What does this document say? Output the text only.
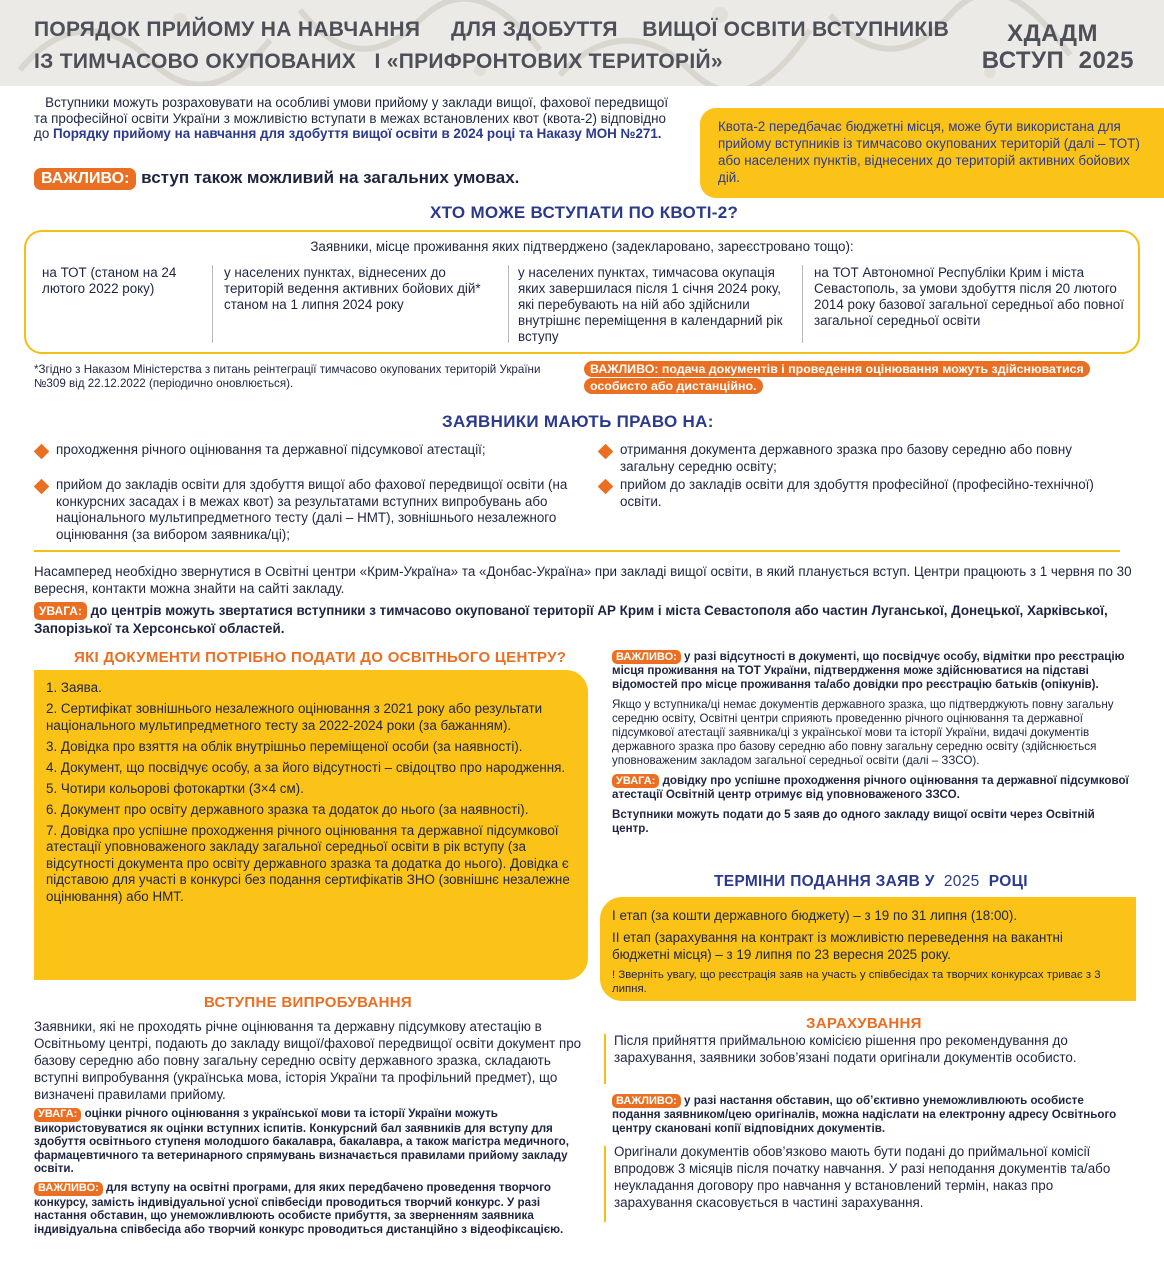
ПОРЯДОК ПРИЙОМУ НА НАВЧАННЯ     ДЛЯ ЗДОБУТТЯ    ВИЩОЇ ОСВІТИ ВСТУПНИКІВ
ІЗ ТИМЧАСОВО ОКУПОВАНИХ   І «ПРИФРОНТОВИХ ТЕРИТОРІЙ»
ХДАДМ
ВСТУП  2025
Вступники можуть розраховувати на особливі умови прийому у заклади вищої, фахової передвищої та професійної освіти України з можливістю вступати в межах встановлених квот (квота-2) відповідно до Порядку прийому на навчання для здобуття вищої освіти в 2024 році та Наказу МОН №271.	Квота-2 передбачає бюджетні місця, може бути використана для прийому вступників із тимчасово окупованих територій (далі – ТОТ) або населених пунктів, віднесених до територій активних бойових дій.
ВАЖЛИВО: вступ також можливий на загальних умовах.
ХТО МОЖЕ ВСТУПАТИ ПО КВОТІ-2?
Заявники, місце проживання яких підтверджено (задекларовано, зареєстровано тощо):
на ТОТ (станом на 24 лютого 2022 року)
у населених пунктах, віднесених до територій ведення активних бойових дій* станом на 1 липня 2024 року
у населених пунктах, тимчасова окупація яких завершилася після 1 січня 2024 року, які перебувають на ній або здійснили внутрішнє переміщення в календарний рік вступу
на ТОТ Автономної Республіки Крим і міста Севастополь, за умови здобуття після 20 лютого 2014 року базової загальної середньої або повної загальної середньої освіти
*Згідно з Наказом Міністерства з питань реінтеграції тимчасово окупованих територій України №309 від 22.12.2022 (періодично оновлюється).
ВАЖЛИВО: подача документів і проведення оцінювання можуть здійснюватися особисто або дистанційно.
ЗАЯВНИКИ МАЮТЬ ПРАВО НА:
проходження річного оцінювання та державної підсумкової атестації;
прийом до закладів освіти для здобуття вищої або фахової передвищої освіти (на конкурсних засадах і в межах квот) за результатами вступних випробувань або національного мультипредметного тесту (далі – НМТ), зовнішнього незалежного оцінювання (за вибором заявника/ці);
отримання документа державного зразка про базову середню або повну загальну середню освіту;
прийом до закладів освіти для здобуття професійної (професійно-технічної) освіти.
Насамперед необхідно звернутися в Освітні центри «Крим-Україна» та «Донбас-Україна» при закладі вищої освіти, в який планується вступ. Центри працюють з 1 червня по 30 вересня, контакти можна знайти на сайті закладу.
УВАГА: до центрів можуть звертатися вступники з тимчасово окупованої території АР Крим і міста Севастополя або частин Луганської, Донецької, Харківської, Запорізької та Херсонської областей.
ЯКІ ДОКУМЕНТИ ПОТРІБНО ПОДАТИ ДО ОСВІТНЬОГО ЦЕНТРУ?
1. Заява.
2. Сертифікат зовнішнього незалежного оцінювання з 2021 року або результати національного мультипредметного тесту за 2022-2024 роки (за бажанням).
3. Довідка про взяття на облік внутрішньо переміщеної особи (за наявності).
4. Документ, що посвідчує особу, а за його відсутності – свідоцтво про народження.
5. Чотири кольорові фотокартки (3×4 см).
6. Документ про освіту державного зразка та додаток до нього (за наявності).
7. Довідка про успішне проходження річного оцінювання та державної підсумкової атестації уповноваженого закладу загальної середньої освіти в рік вступу (за відсутності документа про освіту державного зразка та додатка до нього). Довідка є підставою для участі в конкурсі без подання сертифікатів ЗНО (зовнішнє незалежне оцінювання) або НМТ.

ВАЖЛИВО: у разі відсутності в документі, що посвідчує особу, відмітки про реєстрацію місця проживання на ТОТ України, підтвердження може здійснюватися на підставі відомостей про місце проживання та/або довідки про реєстрацію батьків (опікунів).

Якщо у вступника/ці немає документів державного зразка, що підтверджують повну загальну середню освіту, Освітні центри сприяють проведенню річного оцінювання та державної підсумкової атестації заявника/ці з української мови та історії України, видачі документів державного зразка про базову середню або повну загальну середню освіту (здійснюється уповноваженим закладом загальної середньої освіти (далі – ЗЗСО).

УВАГА: довідку про успішне проходження річного оцінювання та державної підсумкової атестації Освітній центр отримує від уповноваженого ЗЗСО.

Вступники можуть подати до 5 заяв до одного закладу вищої освіти через Освітній центр.

ТЕРМІНИ ПОДАННЯ ЗАЯВ У 2025 РОЦІ

І етап (за кошти державного бюджету) – з 19 по 31 липня (18:00).

ІІ етап (зарахування на контракт із можливістю переведення на вакантні бюджетні місця) – з 19 липня по 23 вересня 2025 року.

! Зверніть увагу, що реєстрація заяв на участь у співбесідах та творчих конкурсах триває з 3 липня.

ВСТУПНЕ ВИПРОБУВАННЯ
Заявники, які не проходять річне оцінювання та державну підсумкову атестацію в Освітньому центрі, подають до закладу вищої/фахової передвищої освіти документ про базову середню або повну загальну середню освіту державного зразка, складають вступні випробування (українська мова, історія України та профільний предмет), що визначені правилами прийому.

УВАГА: оцінки річного оцінювання з української мови та історії України можуть використовуватися як оцінки вступних іспитів. Конкурсний бал заявників для вступу для здобуття освітнього ступеня молодшого бакалавра, бакалавра, а також магістра медичного, фармацевтичного та ветеринарного спрямувань визначається правилами прийому закладу освіти.

ВАЖЛИВО: для вступу на освітні програми, для яких передбачено проведення творчого конкурсу, замість індивідуальної усної співбесіди проводиться творчий конкурс. У разі настання обставин, що унеможливлюють особисте прибуття, за зверненням заявника індивідуальна співбесіда або творчий конкурс проводиться дистанційно з відеофіксацією.

ЗАРАХУВАННЯ
Після прийняття приймальною комісією рішення про рекомендування до зарахування, заявники зобов’язані подати оригінали документів особисто.
ВАЖЛИВО: у разі настання обставин, що об’єктивно унеможливлюють особисте подання заявником/цею оригіналів, можна надіслати на електронну адресу Освітнього центру скановані копії відповідних документів.
Оригінали документів обов’язково мають бути подані до приймальної комісії впродовж 3 місяців після початку навчання. У разі неподання документів та/або неукладання договору про навчання у встановлений термін, наказ про зарахування скасовується в частині зарахування.
